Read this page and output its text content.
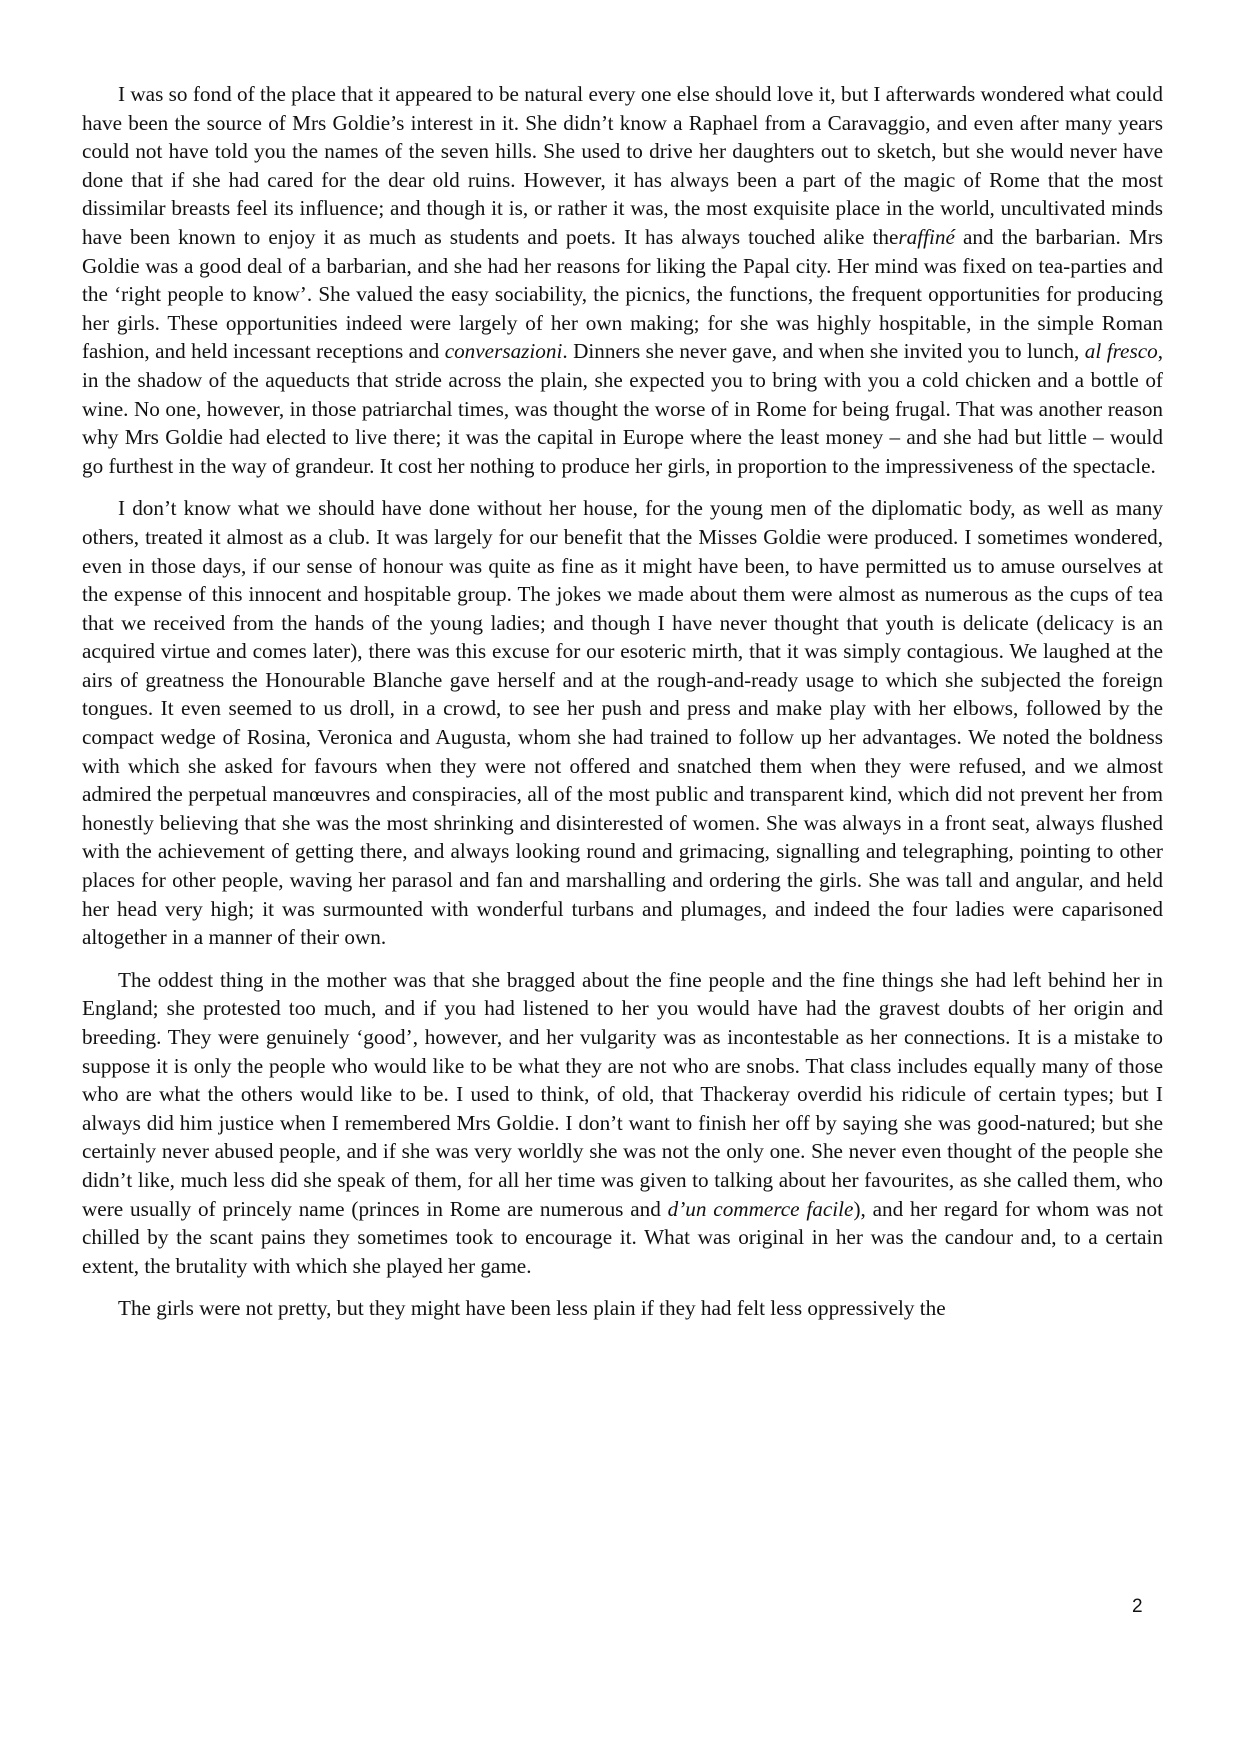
I was so fond of the place that it appeared to be natural every one else should love it, but I afterwards wondered what could have been the source of Mrs Goldie’s interest in it. She didn’t know a Raphael from a Caravaggio, and even after many years could not have told you the names of the seven hills. She used to drive her daughters out to sketch, but she would never have done that if she had cared for the dear old ruins. However, it has always been a part of the magic of Rome that the most dissimilar breasts feel its influence; and though it is, or rather it was, the most exquisite place in the world, uncultivated minds have been known to enjoy it as much as students and poets. It has always touched alike theraffiné and the barbarian. Mrs Goldie was a good deal of a barbarian, and she had her reasons for liking the Papal city. Her mind was fixed on tea-parties and the ‘right people to know’. She valued the easy sociability, the picnics, the functions, the frequent opportunities for producing her girls. These opportunities indeed were largely of her own making; for she was highly hospitable, in the simple Roman fashion, and held incessant receptions and conversazioni. Dinners she never gave, and when she invited you to lunch, al fresco, in the shadow of the aqueducts that stride across the plain, she expected you to bring with you a cold chicken and a bottle of wine. No one, however, in those patriarchal times, was thought the worse of in Rome for being frugal. That was another reason why Mrs Goldie had elected to live there; it was the capital in Europe where the least money – and she had but little – would go furthest in the way of grandeur. It cost her nothing to produce her girls, in proportion to the impressiveness of the spectacle.

I don’t know what we should have done without her house, for the young men of the diplomatic body, as well as many others, treated it almost as a club. It was largely for our benefit that the Misses Goldie were produced. I sometimes wondered, even in those days, if our sense of honour was quite as fine as it might have been, to have permitted us to amuse ourselves at the expense of this innocent and hospitable group. The jokes we made about them were almost as numerous as the cups of tea that we received from the hands of the young ladies; and though I have never thought that youth is delicate (delicacy is an acquired virtue and comes later), there was this excuse for our esoteric mirth, that it was simply contagious. We laughed at the airs of greatness the Honourable Blanche gave herself and at the rough-and-ready usage to which she subjected the foreign tongues. It even seemed to us droll, in a crowd, to see her push and press and make play with her elbows, followed by the compact wedge of Rosina, Veronica and Augusta, whom she had trained to follow up her advantages. We noted the boldness with which she asked for favours when they were not offered and snatched them when they were refused, and we almost admired the perpetual manœuvres and conspiracies, all of the most public and transparent kind, which did not prevent her from honestly believing that she was the most shrinking and disinterested of women. She was always in a front seat, always flushed with the achievement of getting there, and always looking round and grimacing, signalling and telegraphing, pointing to other places for other people, waving her parasol and fan and marshalling and ordering the girls. She was tall and angular, and held her head very high; it was surmounted with wonderful turbans and plumages, and indeed the four ladies were caparisoned altogether in a manner of their own.

The oddest thing in the mother was that she bragged about the fine people and the fine things she had left behind her in England; she protested too much, and if you had listened to her you would have had the gravest doubts of her origin and breeding. They were genuinely ‘good’, however, and her vulgarity was as incontestable as her connections. It is a mistake to suppose it is only the people who would like to be what they are not who are snobs. That class includes equally many of those who are what the others would like to be. I used to think, of old, that Thackeray overdid his ridicule of certain types; but I always did him justice when I remembered Mrs Goldie. I don’t want to finish her off by saying she was good-natured; but she certainly never abused people, and if she was very worldly she was not the only one. She never even thought of the people she didn’t like, much less did she speak of them, for all her time was given to talking about her favourites, as she called them, who were usually of princely name (princes in Rome are numerous and d’un commerce facile), and her regard for whom was not chilled by the scant pains they sometimes took to encourage it. What was original in her was the candour and, to a certain extent, the brutality with which she played her game.

The girls were not pretty, but they might have been less plain if they had felt less oppressively the

2
